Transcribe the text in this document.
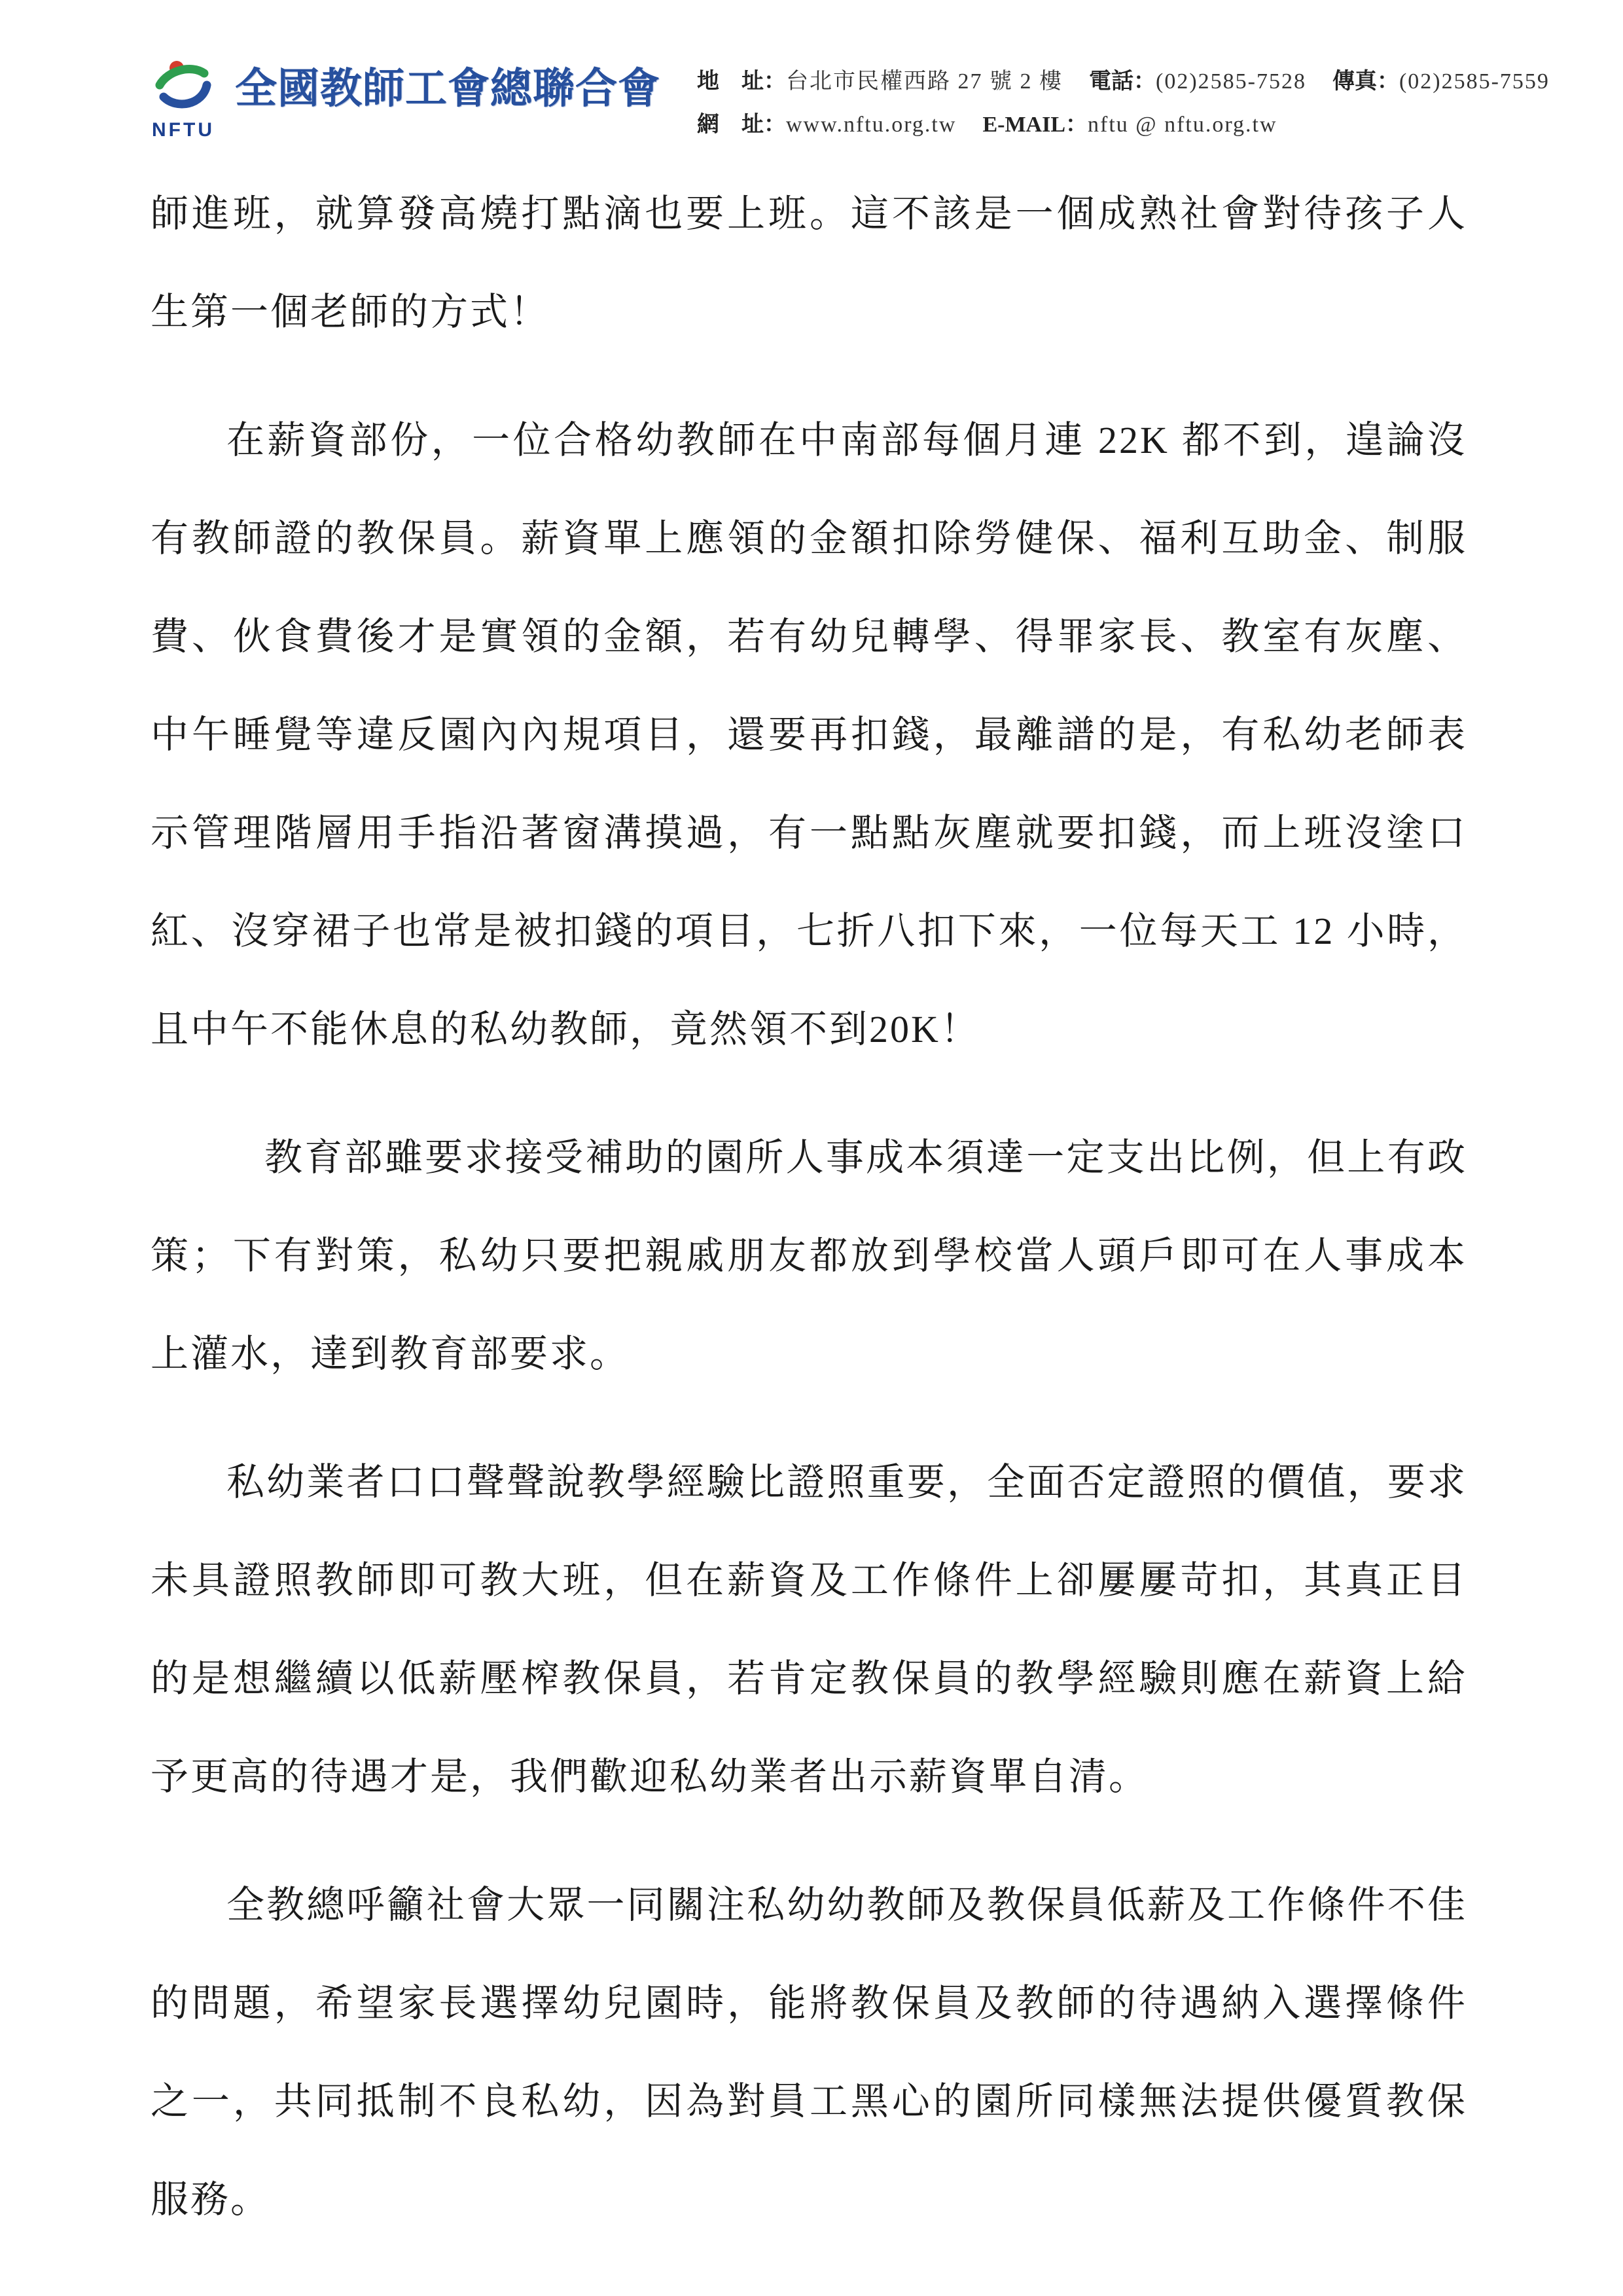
NFTU
全國教師工會總聯合會 地　址：台北市民權西路 27 號 2 樓 電話：(02)2585-7528 傳真：(02)2585-7559
網　址：www.nftu.org.tw E-MAIL：nftu @ nftu.org.tw

師進班，就算發高燒打點滴也要上班。這不該是一個成熟社會對待孩子人生第一個老師的方式！

在薪資部份，一位合格幼教師在中南部每個月連 22K 都不到，遑論沒有教師證的教保員。薪資單上應領的金額扣除勞健保、福利互助金、制服費、伙食費後才是實領的金額，若有幼兒轉學、得罪家長、教室有灰塵、中午睡覺等違反園內內規項目，還要再扣錢，最離譜的是，有私幼老師表示管理階層用手指沿著窗溝摸過，有一點點灰塵就要扣錢，而上班沒塗口紅、沒穿裙子也常是被扣錢的項目，七折八扣下來，一位每天工 12 小時，且中午不能休息的私幼教師，竟然領不到20K！

教育部雖要求接受補助的園所人事成本須達一定支出比例，但上有政策；下有對策，私幼只要把親戚朋友都放到學校當人頭戶即可在人事成本上灌水，達到教育部要求。

私幼業者口口聲聲說教學經驗比證照重要，全面否定證照的價值，要求未具證照教師即可教大班，但在薪資及工作條件上卻屢屢苛扣，其真正目的是想繼續以低薪壓榨教保員，若肯定教保員的教學經驗則應在薪資上給予更高的待遇才是，我們歡迎私幼業者出示薪資單自清。

全教總呼籲社會大眾一同關注私幼幼教師及教保員低薪及工作條件不佳的問題，希望家長選擇幼兒園時，能將教保員及教師的待遇納入選擇條件之一，共同抵制不良私幼，因為對員工黑心的園所同樣無法提供優質教保服務。
